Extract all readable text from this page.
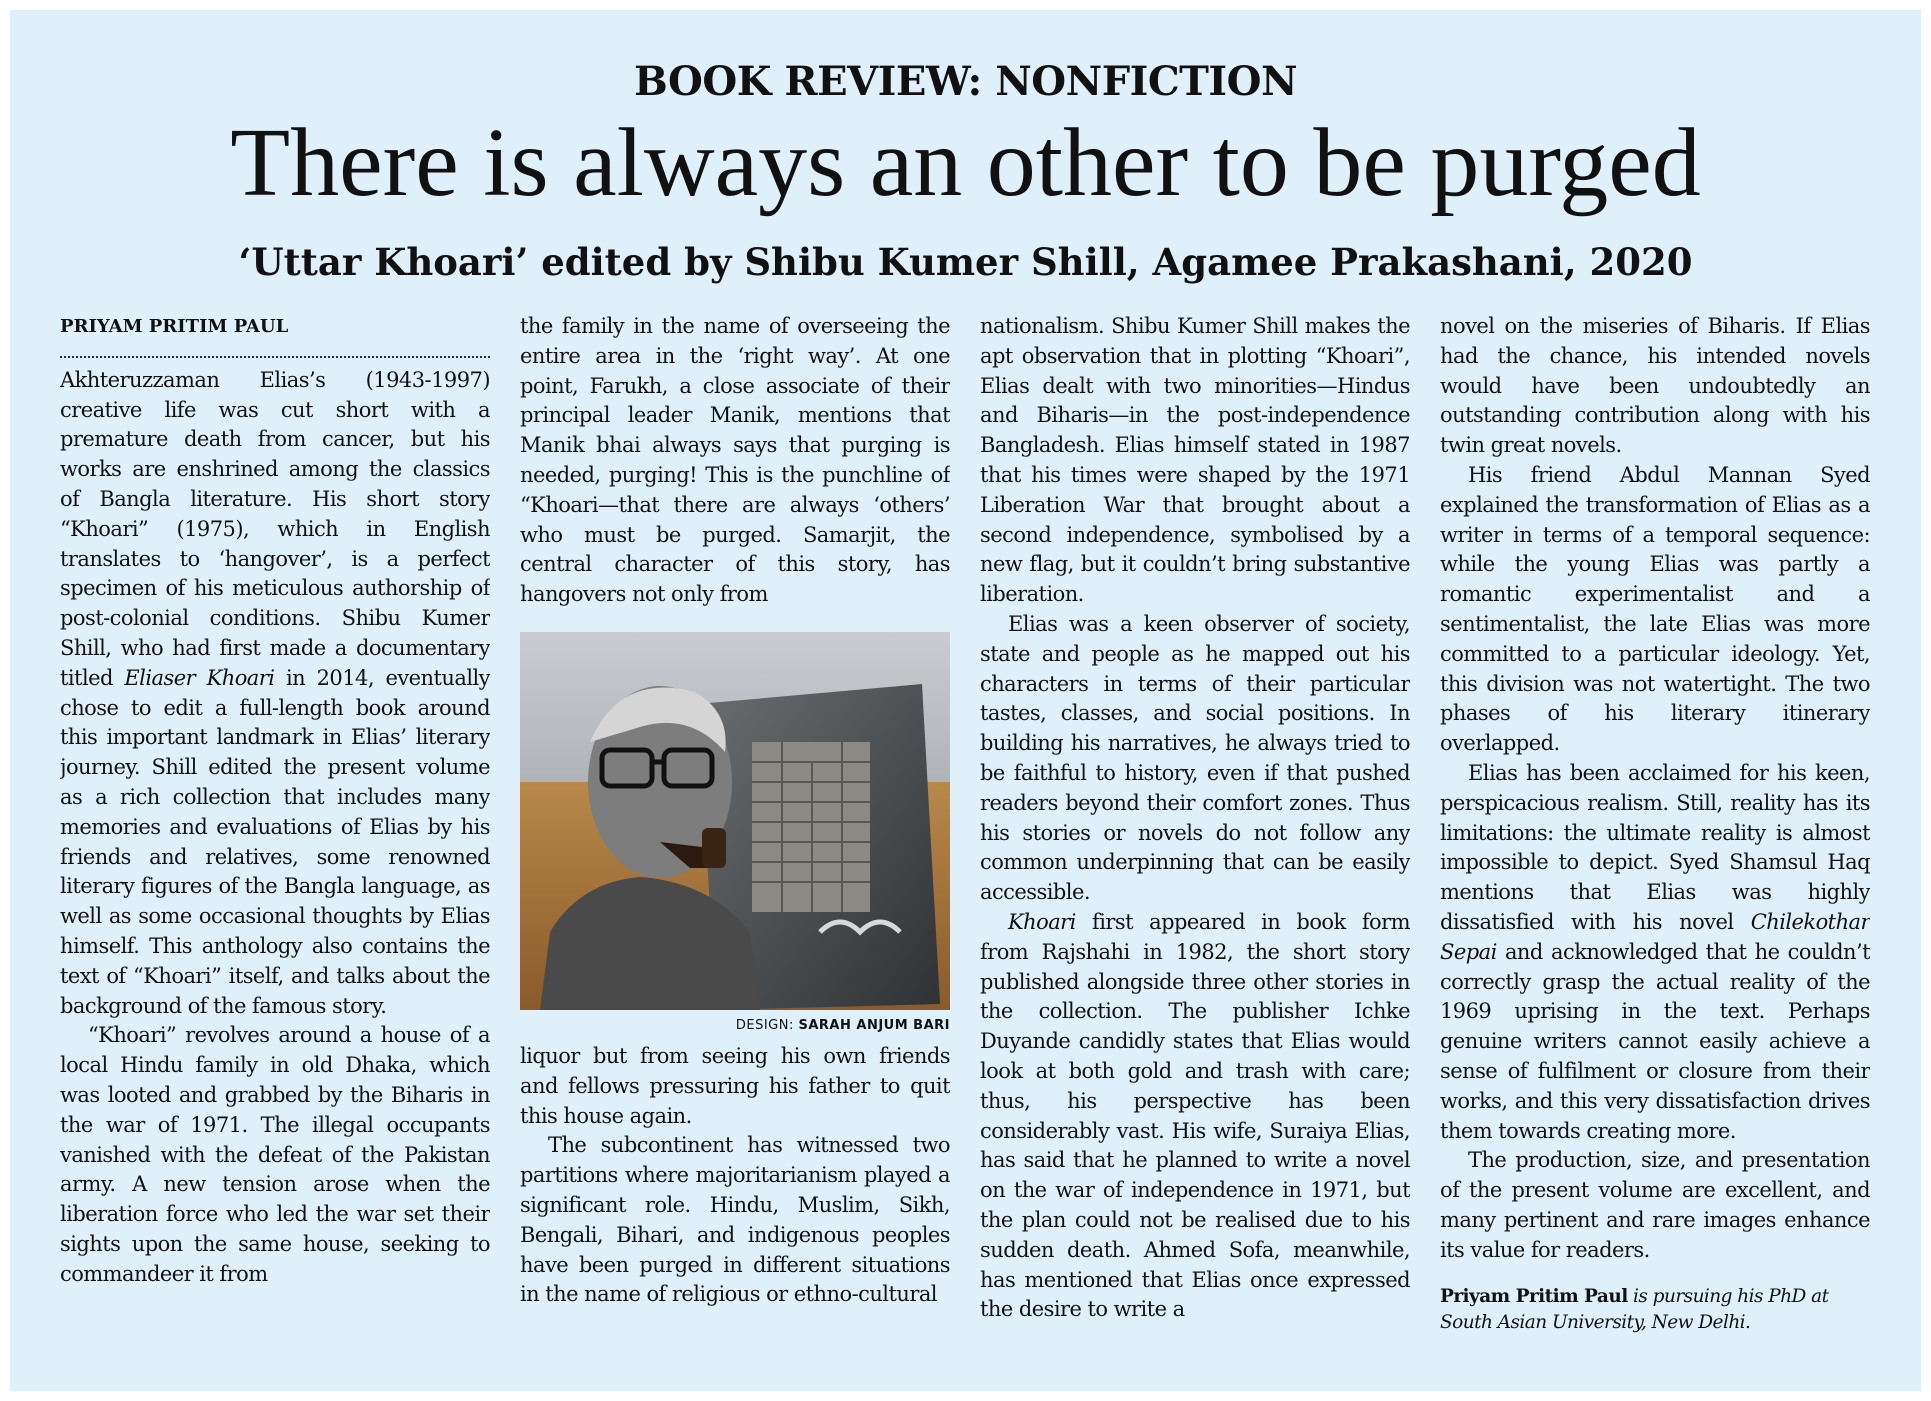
BOOK REVIEW: NONFICTION
There is always an other to be purged
‘Uttar Khoari’ edited by Shibu Kumer Shill, Agamee Prakashani, 2020
PRIYAM PRITIM PAUL

Akhteruzzaman Elias’s (1943-1997) creative life was cut short with a premature death from cancer, but his works are enshrined among the classics of Bangla literature. His short story “Khoari” (1975), which in English translates to ‘hangover’, is a perfect specimen of his meticulous authorship of post-colonial conditions. Shibu Kumer Shill, who had first made a documentary titled Eliaser Khoari in 2014, eventually chose to edit a full-length book around this important landmark in Elias’ literary journey. Shill edited the present volume as a rich collection that includes many memories and evaluations of Elias by his friends and relatives, some renowned literary figures of the Bangla language, as well as some occasional thoughts by Elias himself. This anthology also contains the text of “Khoari” itself, and talks about the background of the famous story.

“Khoari” revolves around a house of a local Hindu family in old Dhaka, which was looted and grabbed by the Biharis in the war of 1971. The illegal occupants vanished with the defeat of the Pakistan army. A new tension arose when the liberation force who led the war set their sights upon the same house, seeking to commandeer it from

the family in the name of overseeing the entire area in the ‘right way’. At one point, Farukh, a close associate of their principal leader Manik, mentions that Manik bhai always says that purging is needed, purging! This is the punchline of “Khoari—that there are always ‘others’ who must be purged. Samarjit, the central character of this story, has hangovers not only from

DESIGN: SARAH ANJUM BARI

liquor but from seeing his own friends and fellows pressuring his father to quit this house again.

The subcontinent has witnessed two partitions where majoritarianism played a significant role. Hindu, Muslim, Sikh, Bengali, Bihari, and indigenous peoples have been purged in different situations in the name of religious or ethno-cultural

nationalism. Shibu Kumer Shill makes the apt observation that in plotting “Khoari”, Elias dealt with two minorities—Hindus and Biharis—in the post-independence Bangladesh. Elias himself stated in 1987 that his times were shaped by the 1971 Liberation War that brought about a second independence, symbolised by a new flag, but it couldn’t bring substantive liberation.

Elias was a keen observer of society, state and people as he mapped out his characters in terms of their particular tastes, classes, and social positions. In building his narratives, he always tried to be faithful to history, even if that pushed readers beyond their comfort zones. Thus his stories or novels do not follow any common underpinning that can be easily accessible.

Khoari first appeared in book form from Rajshahi in 1982, the short story published alongside three other stories in the collection. The publisher Ichke Duyande candidly states that Elias would look at both gold and trash with care; thus, his perspective has been considerably vast. His wife, Suraiya Elias, has said that he planned to write a novel on the war of independence in 1971, but the plan could not be realised due to his sudden death. Ahmed Sofa, meanwhile, has mentioned that Elias once expressed the desire to write a

novel on the miseries of Biharis. If Elias had the chance, his intended novels would have been undoubtedly an outstanding contribution along with his twin great novels.

His friend Abdul Mannan Syed explained the transformation of Elias as a writer in terms of a temporal sequence: while the young Elias was partly a romantic experimentalist and a sentimentalist, the late Elias was more committed to a particular ideology. Yet, this division was not watertight. The two phases of his literary itinerary overlapped.

Elias has been acclaimed for his keen, perspicacious realism. Still, reality has its limitations: the ultimate reality is almost impossible to depict. Syed Shamsul Haq mentions that Elias was highly dissatisfied with his novel Chilekothar Sepai and acknowledged that he couldn’t correctly grasp the actual reality of the 1969 uprising in the text. Perhaps genuine writers cannot easily achieve a sense of fulfilment or closure from their works, and this very dissatisfaction drives them towards creating more.

The production, size, and presentation of the present volume are excellent, and many pertinent and rare images enhance its value for readers.

Priyam Pritim Paul is pursuing his PhD at South Asian University, New Delhi.
